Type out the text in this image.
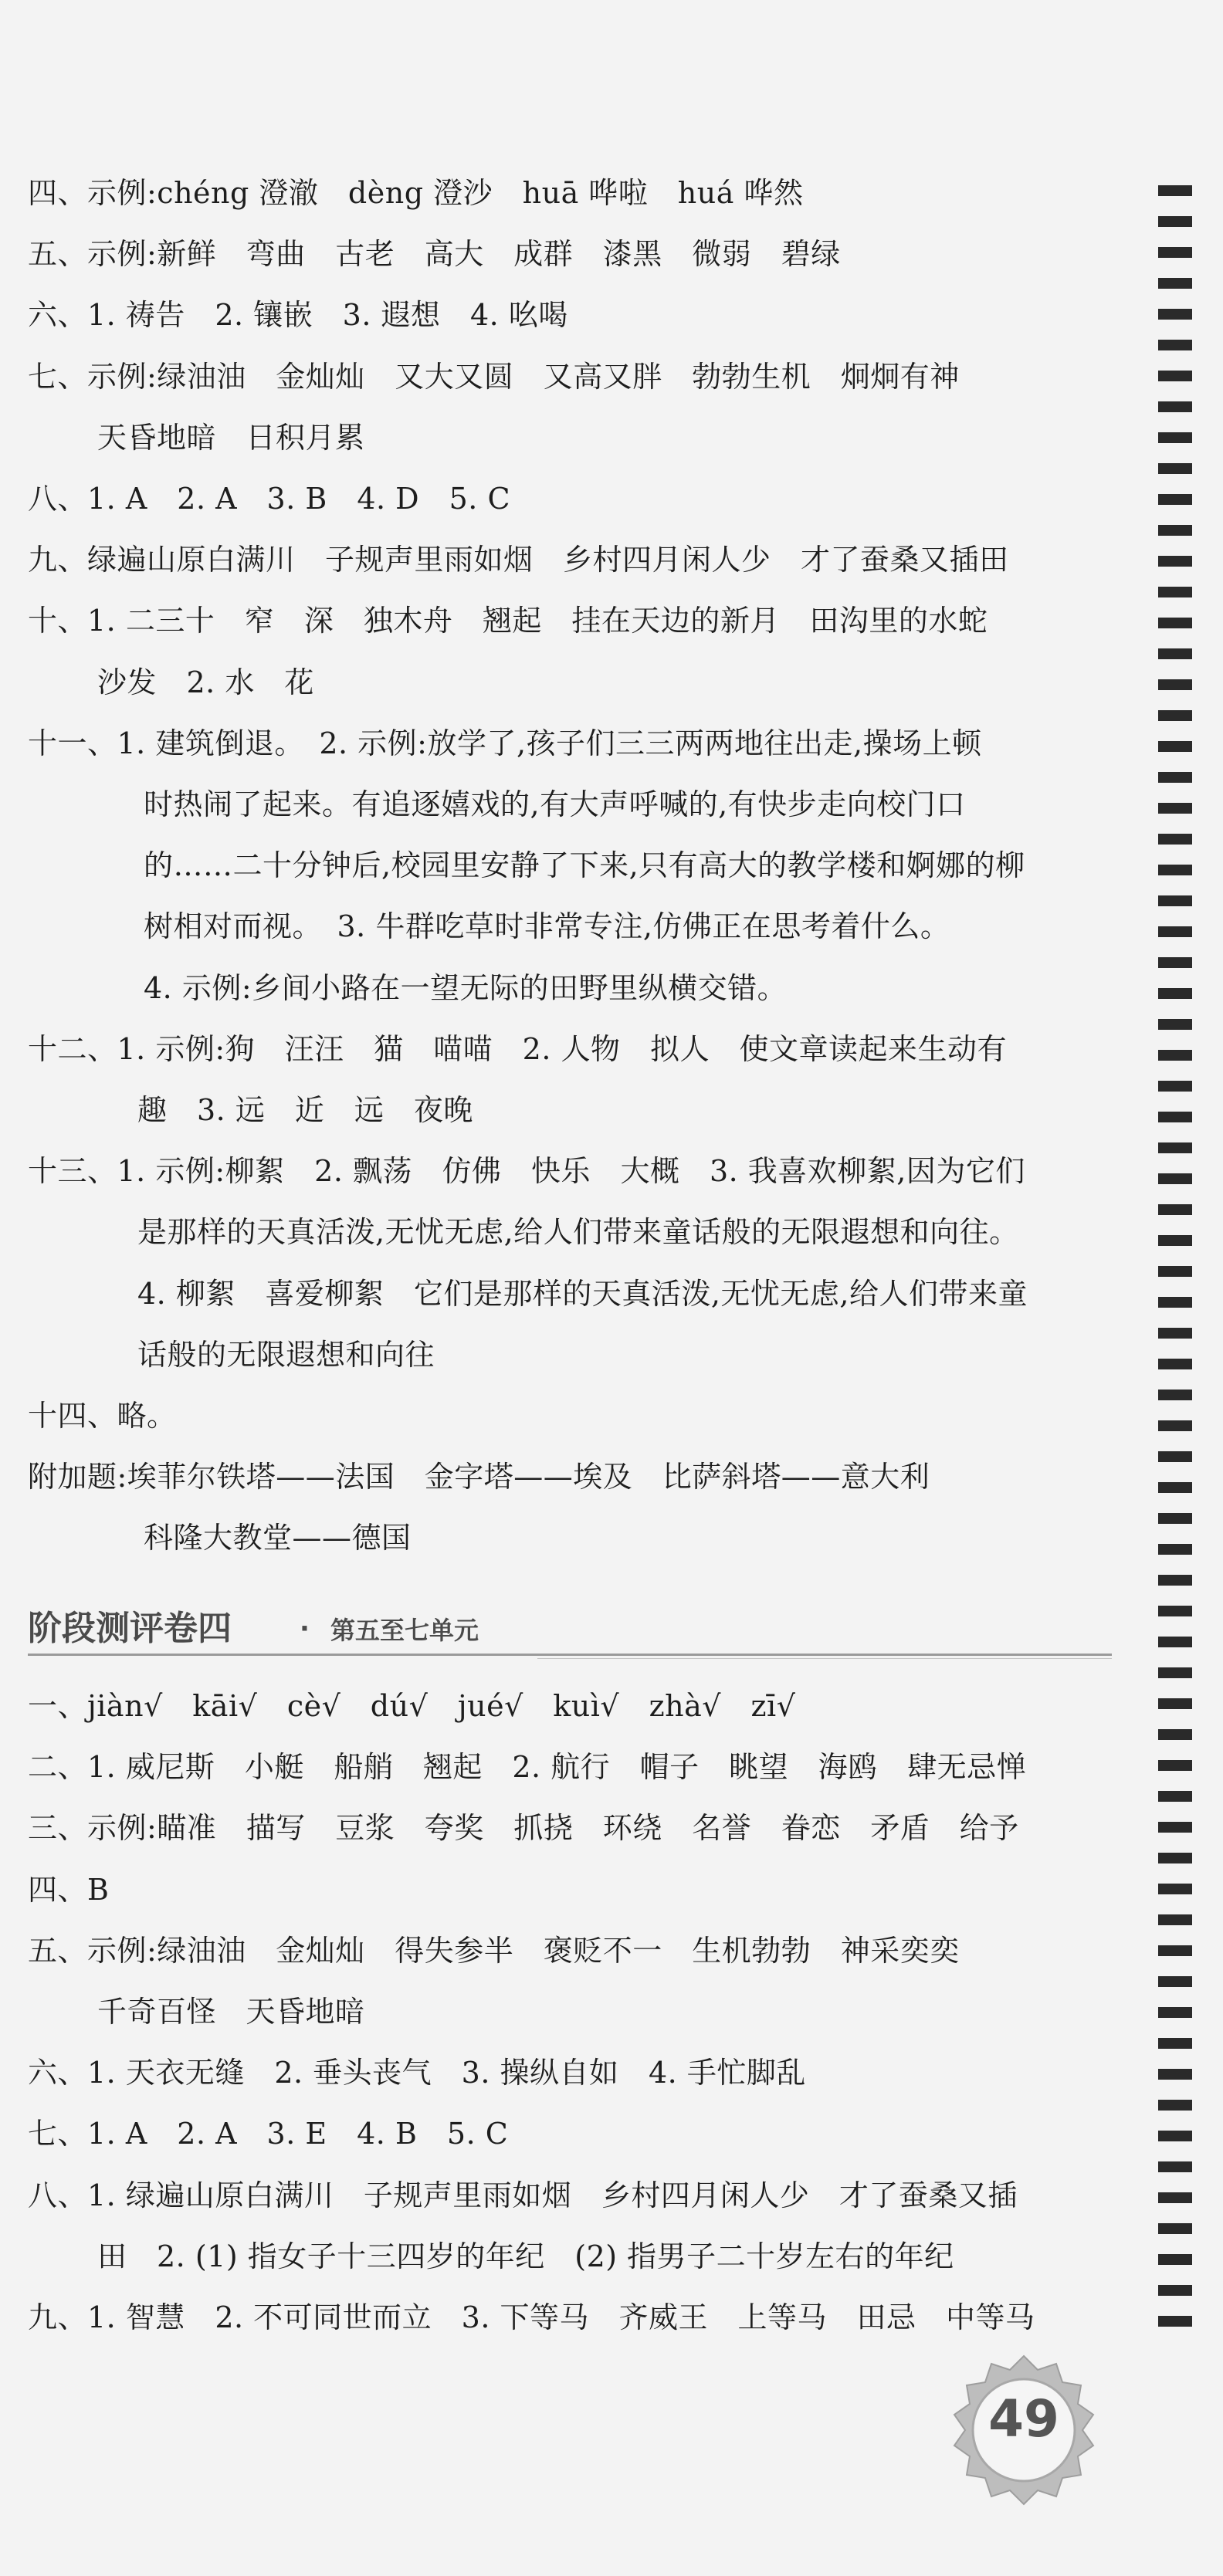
四、示例:chéng 澄澈　dèng 澄沙　huā 哗啦　huá 哗然
五、示例:新鲜　弯曲　古老　高大　成群　漆黑　微弱　碧绿
六、1. 祷告　2. 镶嵌　3. 遐想　4. 吆喝
七、示例:绿油油　金灿灿　又大又圆　又高又胖　勃勃生机　炯炯有神
天昏地暗　日积月累
八、1. A　2. A　3. B　4. D　5. C
九、绿遍山原白满川　子规声里雨如烟　乡村四月闲人少　才了蚕桑又插田
十、1. 二三十　窄　深　独木舟　翘起　挂在天边的新月　田沟里的水蛇
沙发　2. 水　花
十一、1. 建筑倒退。　2. 示例:放学了,孩子们三三两两地往出走,操场上顿
时热闹了起来。有追逐嬉戏的,有大声呼喊的,有快步走向校门口
的……二十分钟后,校园里安静了下来,只有高大的教学楼和婀娜的柳
树相对而视。　3. 牛群吃草时非常专注,仿佛正在思考着什么。
4. 示例:乡间小路在一望无际的田野里纵横交错。
十二、1. 示例:狗　汪汪　猫　喵喵　2. 人物　拟人　使文章读起来生动有
趣　3. 远　近　远　夜晚
十三、1. 示例:柳絮　2. 飘荡　仿佛　快乐　大概　3. 我喜欢柳絮,因为它们
是那样的天真活泼,无忧无虑,给人们带来童话般的无限遐想和向往。
4. 柳絮　喜爱柳絮　它们是那样的天真活泼,无忧无虑,给人们带来童
话般的无限遐想和向往
十四、略。
附加题:埃菲尔铁塔——法国　金字塔——埃及　比萨斜塔——意大利
科隆大教堂——德国
阶段测评卷四	· 第五至七单元
一、jiàn√　kāi√　cè√　dú√　jué√　kuì√　zhà√　zī√
二、1. 威尼斯　小艇　船艄　翘起　2. 航行　帽子　眺望　海鸥　肆无忌惮
三、示例:瞄准　描写　豆浆　夸奖　抓挠　环绕　名誉　眷恋　矛盾　给予
四、B
五、示例:绿油油　金灿灿　得失参半　褒贬不一　生机勃勃　神采奕奕
千奇百怪　天昏地暗
六、1. 天衣无缝　2. 垂头丧气　3. 操纵自如　4. 手忙脚乱
七、1. A　2. A　3. E　4. B　5. C
八、1. 绿遍山原白满川　子规声里雨如烟　乡村四月闲人少　才了蚕桑又插
田　2. (1) 指女子十三四岁的年纪　(2) 指男子二十岁左右的年纪
九、1. 智慧　2. 不可同世而立　3. 下等马　齐威王　上等马　田忌　中等马
49
